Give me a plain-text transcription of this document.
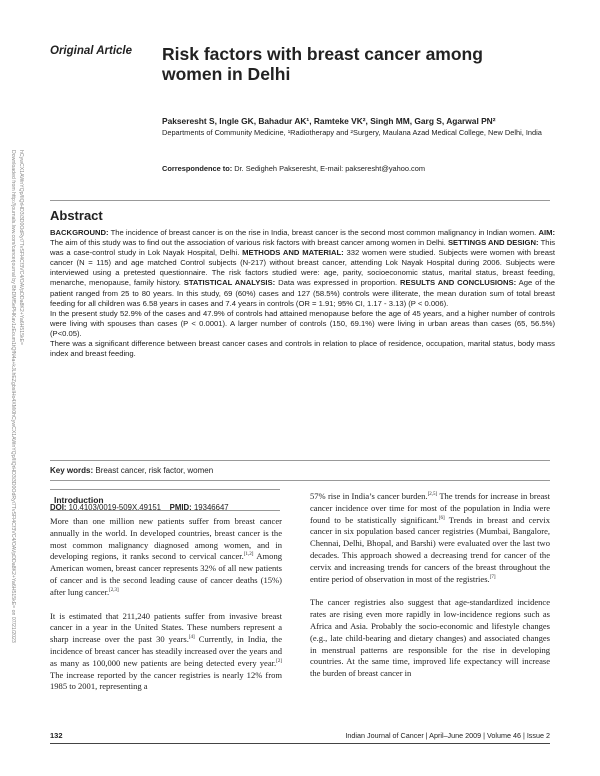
Original Article	Risk factors with breast cancer among women in Delhi
Pakseresht S, Ingle GK, Bahadur AK¹, Ramteke VK², Singh MM, Garg S, Agarwal PN²
Departments of Community Medicine, ¹Radiotherapy and ²Surgery, Maulana Azad Medical College, New Delhi, India
Correspondence to: Dr. Sedigheh Pakseresht, E-mail: pakseresht@yahoo.com
Downloaded from http://journals.lww.com/cancerjournal by BhDMf5ePHKav1zEoum1tQfN4a+kJLhEZgbsIHo4XMi0hCywCX1AWnYQp/IlQrHD3i3D0OdRyi7TvSFl4Cf3VC4/OAVpDDa8K2+Ya6H515kE= on 07/21/2023 hCywCX1AWnYQp/IlQrHD3i3D0OdRyi7TvSFl4Cf3VC4/OAVpDDa8K2+Ya6H515kE= Abstract

BACKGROUND: The incidence of breast cancer is on the rise in India, breast cancer is the second most common malignancy in Indian women. AIM: The aim of this study was to find out the association of various risk factors with breast cancer among women in Delhi. SETTINGS AND DESIGN: This was a case-control study in Lok Nayak Hospital, Delhi. METHODS AND MATERIAL: 332 women were studied. Subjects were women with breast cancer (N = 115) and age matched Control subjects (N-217) without breast cancer, attending Lok Nayak Hospital during 2006. Subjects were interviewed using a pretested questionnaire. The risk factors studied were: age, parity, socioeconomic status, marital status, breast feeding, menarche, menopause, family history. STATISTICAL ANALYSIS: Data was expressed in proportion. RESULTS AND CONCLUSIONS: Age of the patient ranged from 25 to 80 years. In this study, 69 (60%) cases and 127 (58.5%) controls were illiterate, the mean duration sum of total breast feeding for all children was 6.58 years in cases and 7.4 years in controls (OR = 1.91; 95% CI, 1.17 - 3.13) (P < 0.006).

In the present study 52.9% of the cases and 47.9% of controls had attained menopause before the age of 45 years, and a higher number of controls were living with spouses than cases (P < 0.0001). A larger number of controls (150, 69.1%) were living in urban areas than cases (65, 56.5%) (P<0.05).

There was a significant difference between breast cancer cases and controls in relation to place of residence, occupation, marital status, body mass index and breast feeding.

Key words: Breast cancer, risk factor, women
DOI: 10.4103/0019-509X.49151 PMID: 19346647
Introduction

More than one million new patients suffer from breast cancer annually in the world. In developed countries, breast cancer is the most common malignancy diagnosed among women, and in developing regions, it ranks second to cervical cancer.[1,2] Among American women, breast cancer represents 32% of all new patients of cancer and is the second leading cause of cancer deaths (15%) after lung cancer.[2,3]

It is estimated that 211,240 patients suffer from invasive breast cancer in a year in the United States. These numbers represent a sharp increase over the past 30 years.[4] Currently, in India, the incidence of breast cancer has steadily increased over the years and as many as 100,000 new patients are being detected every year.[2] The increase reported by the cancer registries is nearly 12% from 1985 to 2001, representing a

57% rise in India’s cancer burden.[2,5] The trends for increase in breast cancer incidence over time for most of the population in India were found to be statistically significant.[6] Trends in breast and cervix cancer in six population based cancer registries (Mumbai, Bangalore, Chennai, Delhi, Bhopal, and Barshi) were evaluated over the last two decades. This approach showed a decreasing trend for cancer of the cervix and increasing trends for cancers of the breast throughout the entire period of observation in most of the registries.[7]

The cancer registries also suggest that age-standardized incidence rates are rising even more rapidly in low-incidence regions such as Africa and Asia. Probably the socio-economic and lifestyle changes (e.g., late child-bearing and dietary changes) and associated changes in menstrual patterns are responsible for the rise in developing countries. At the same time, improved life expectancy will increase the burden of breast cancer in

132	Indian Journal of Cancer | April–June 2009 | Volume 46 | Issue 2
